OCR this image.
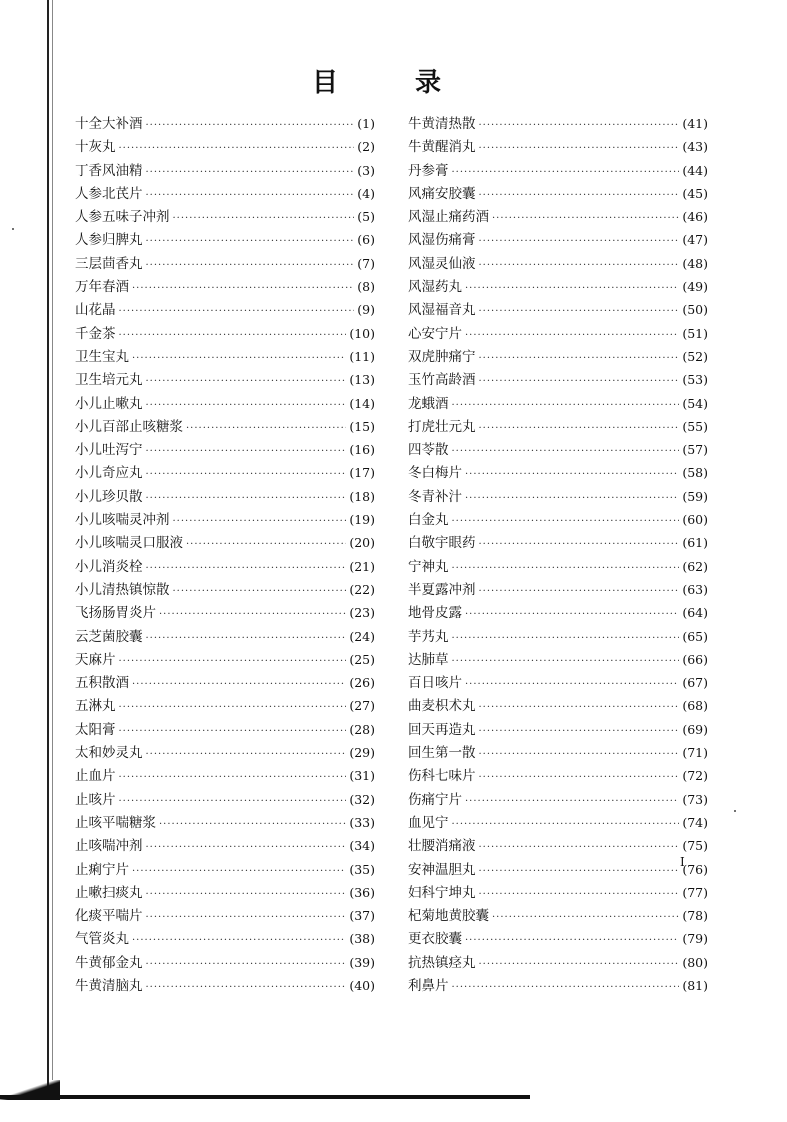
目 录
十全大补酒 ·····	(1)
十灰丸 ·····	(2)
丁香风油精 ·····	(3)
人参北芪片 ·····	(4)
人参五味子冲剂 ·····	(5)
人参归脾丸 ·····	(6)
三层茴香丸 ·····	(7)
万年春酒 ·····	(8)
山花晶 ·····	(9)
千金茶 ·····	(10)
卫生宝丸 ·····	(11)
卫生培元丸 ·····	(13)
小儿止嗽丸 ·····	(14)
小儿百部止咳糖浆 ·····	(15)
小儿吐泻宁 ·····	(16)
小儿奇应丸 ·····	(17)
小儿珍贝散 ·····	(18)
小儿咳喘灵冲剂 ·····	(19)
小儿咳喘灵口服液 ·····	(20)
小儿消炎栓 ·····	(21)
小儿清热镇惊散 ·····	(22)
飞扬肠胃炎片 ·····	(23)
云芝菌胶囊 ·····	(24)
天麻片 ·····	(25)
五积散酒 ·····	(26)
五淋丸 ·····	(27)
太阳膏 ·····	(28)
太和妙灵丸 ·····	(29)
止血片 ·····	(31)
止咳片 ·····	(32)
止咳平喘糖浆 ·····	(33)
止咳喘冲剂 ·····	(34)
止痢宁片 ·····	(35)
止嗽扫痰丸 ·····	(36)
化痰平喘片 ·····	(37)
气管炎丸 ·····	(38)
牛黄郁金丸 ·····	(39)
牛黄清脑丸 ·····	(40)
牛黄清热散 ·····	(41)
牛黄醒消丸 ·····	(43)
丹参膏 ·····	(44)
风痛安胶囊 ·····	(45)
风湿止痛药酒 ·····	(46)
风湿伤痛膏 ·····	(47)
风湿灵仙液 ·····	(48)
风湿药丸 ·····	(49)
风湿福音丸 ·····	(50)
心安宁片 ·····	(51)
双虎肿痛宁 ·····	(52)
玉竹高龄酒 ·····	(53)
龙蛾酒 ·····	(54)
打虎壮元丸 ·····	(55)
四苓散 ·····	(57)
冬白梅片 ·····	(58)
冬青补汁 ·····	(59)
白金丸 ·····	(60)
白敬宇眼药 ·····	(61)
宁神丸 ·····	(62)
半夏露冲剂 ·····	(63)
地骨皮露 ·····	(64)
芋艿丸 ·····	(65)
达肺草 ·····	(66)
百日咳片 ·····	(67)
曲麦枳术丸 ·····	(68)
回天再造丸 ·····	(69)
回生第一散 ·····	(71)
伤科七味片 ·····	(72)
伤痛宁片 ·····	(73)
血见宁 ·····	(74)
壮腰消痛液 ·····	(75)
安神温胆丸 ·····	(76)
妇科宁坤丸 ·····	(77)
杞菊地黄胶囊 ·····	(78)
更衣胶囊 ·····	(79)
抗热镇痉丸 ·····	(80)
利鼻片 ·····	(81)
I
